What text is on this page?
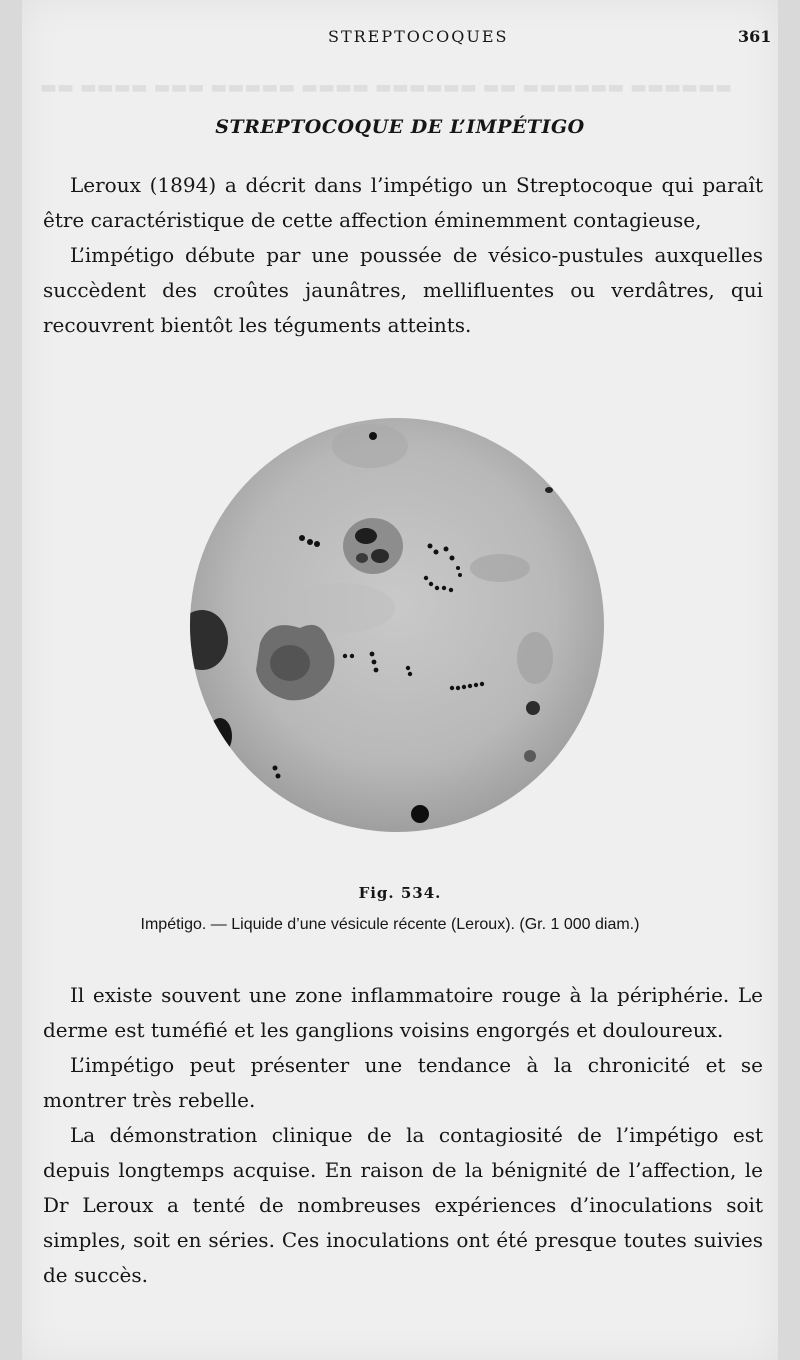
▬▬ ▬▬▬▬ ▬▬▬ ▬▬▬▬▬ ▬▬▬▬ ▬▬▬▬▬▬ ▬▬ ▬▬▬▬▬▬ ▬▬▬▬▬▬
STREPTOCOQUES	361
STREPTOCOQUE DE L’IMPÉTIGO

Leroux (1894) a décrit dans l’impétigo un Streptocoque qui paraît être caractéristique de cette affection éminemment contagieuse,

L’impétigo débute par une poussée de vésico-pustules auxquelles succèdent des croûtes jaunâtres, mellifluentes ou verdâtres, qui recouvrent bientôt les téguments atteints.

Fig. 534.
Impétigo. — Liquide d’une vésicule récente (Leroux). (Gr. 1 000 diam.)

Il existe souvent une zone inflammatoire rouge à la périphérie. Le derme est tuméfié et les ganglions voisins engorgés et douloureux.

L’impétigo peut présenter une tendance à la chronicité et se montrer très rebelle.

La démonstration clinique de la contagiosité de l’impétigo est depuis longtemps acquise. En raison de la bénignité de l’affection, le Dr Leroux a tenté de nombreuses expériences d’inoculations soit simples, soit en séries. Ces inoculations ont été presque toutes suivies de succès.
